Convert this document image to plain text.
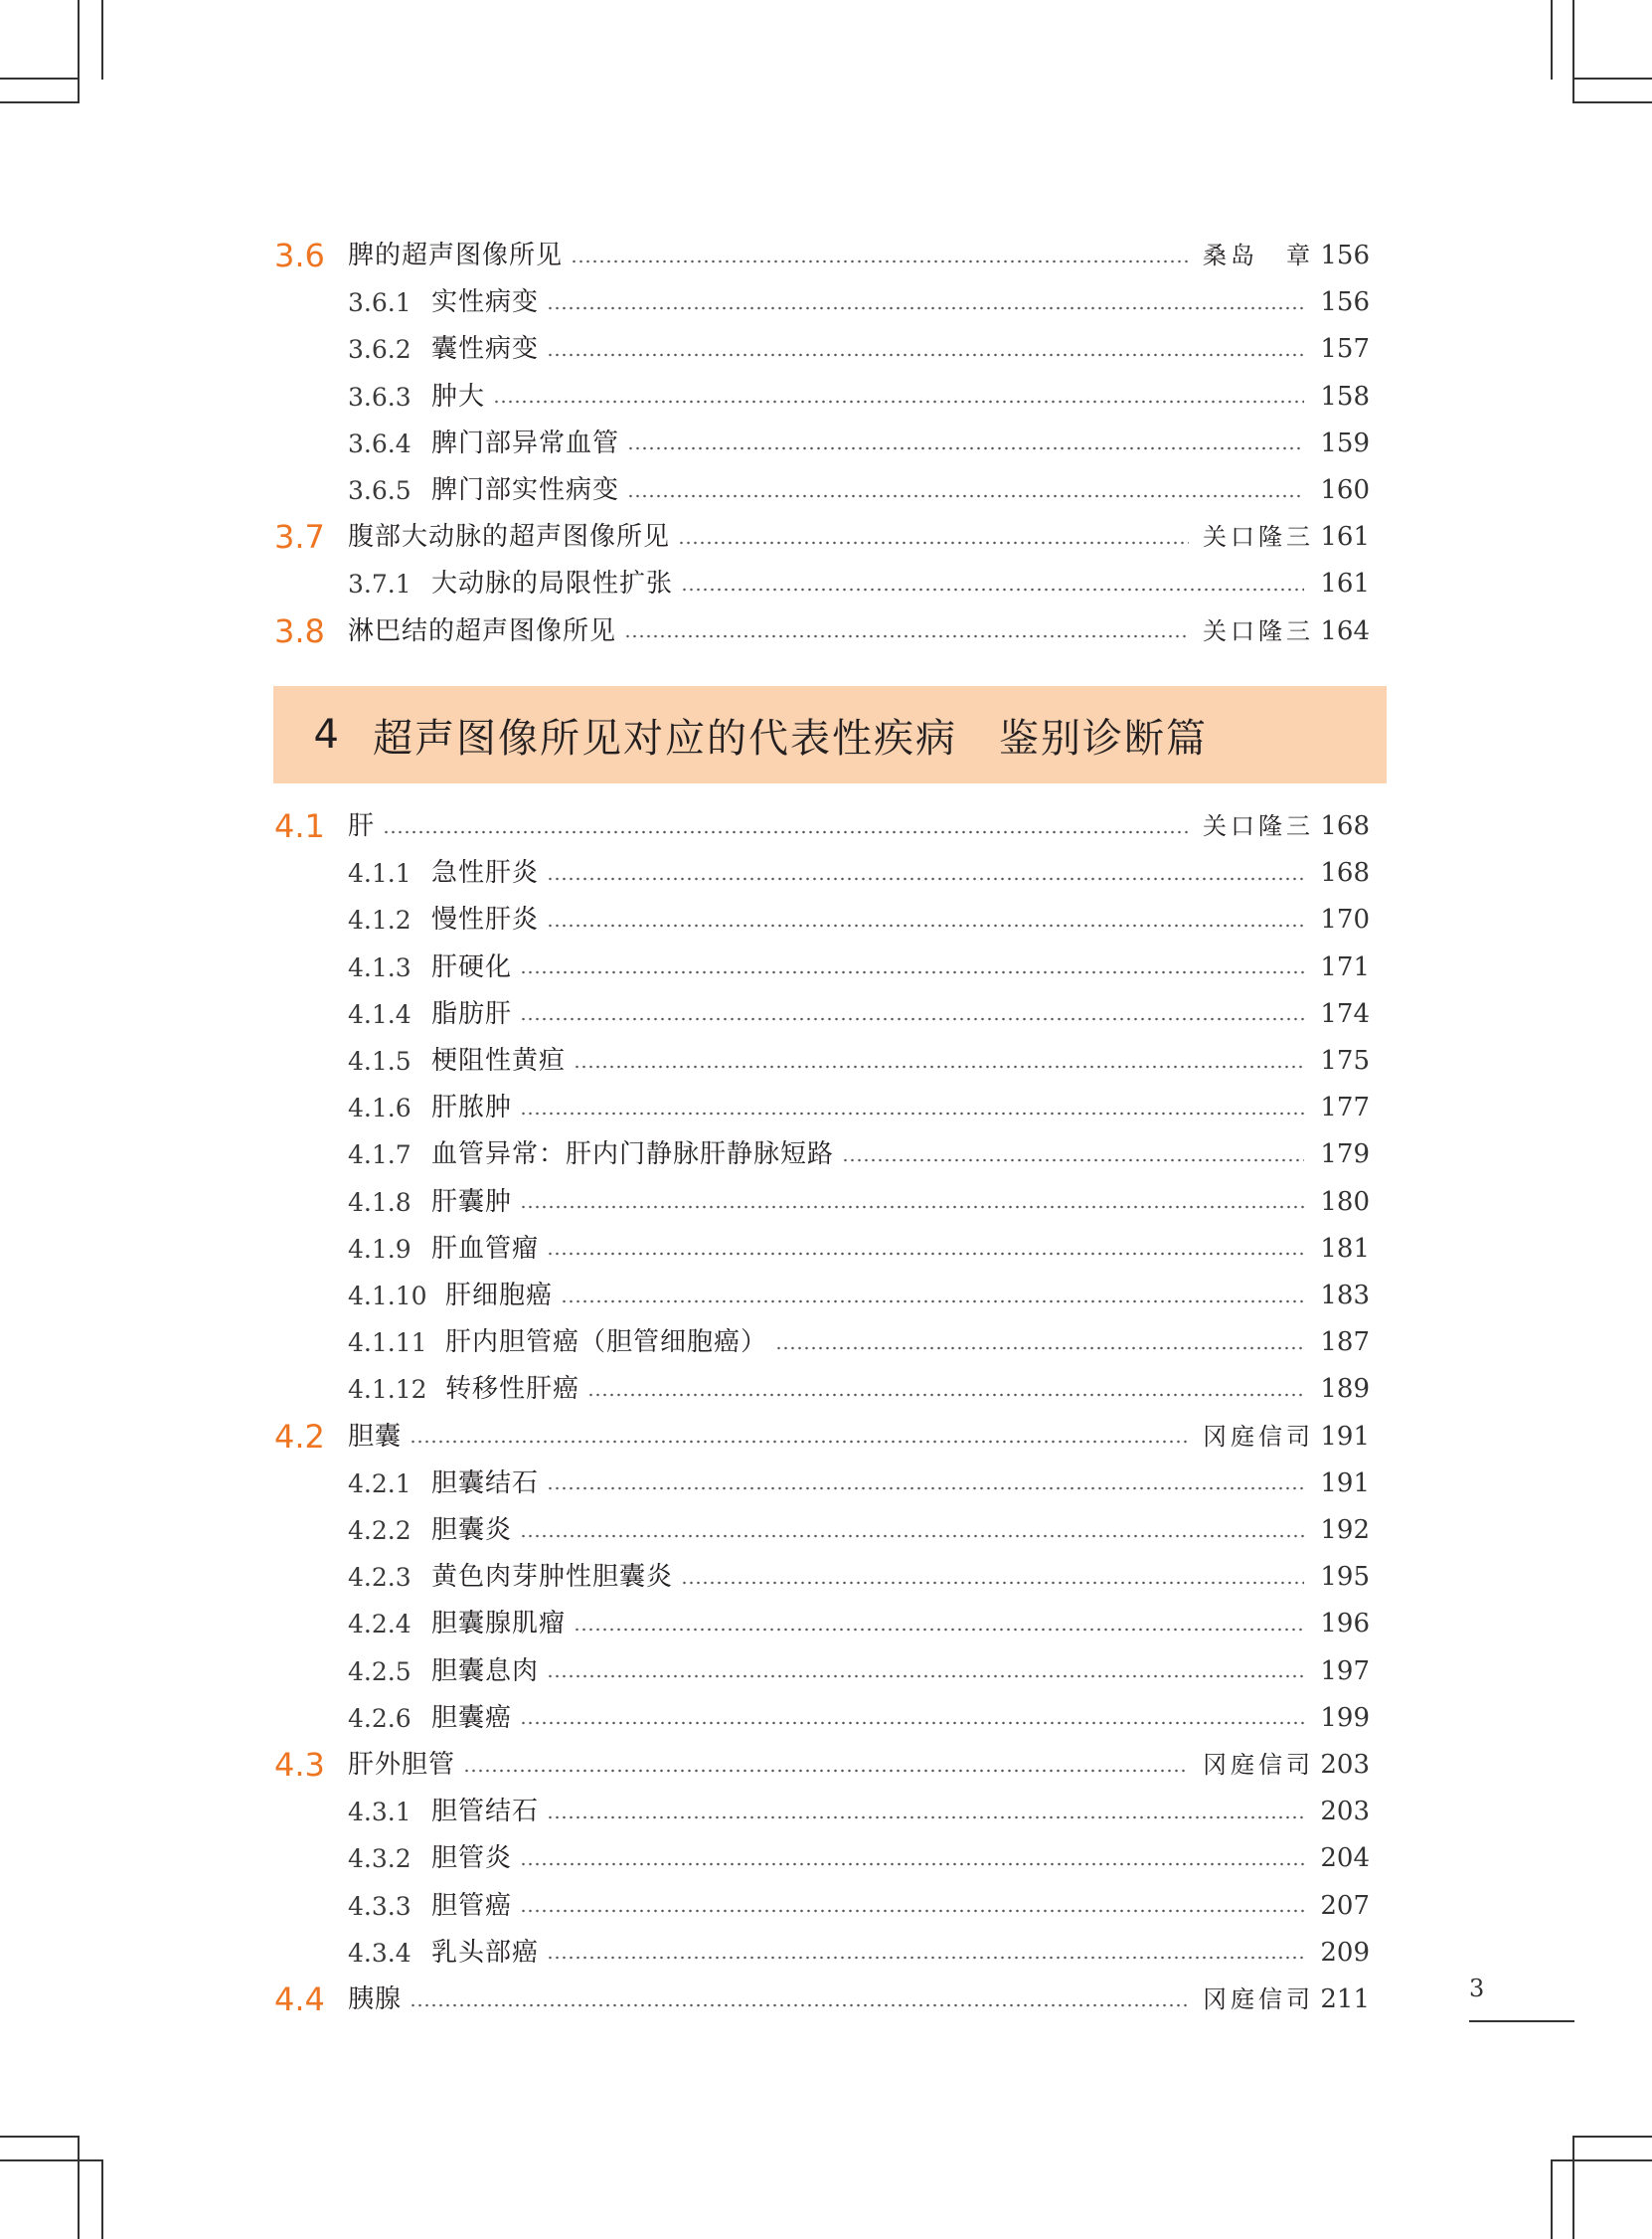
3.6 脾的超声图像所见	桑岛　章 156
3.6.1 实性病变	156
3.6.2 囊性病变	157
3.6.3 肿大	158
3.6.4 脾门部异常血管	159
3.6.5 脾门部实性病变	160
3.7 腹部大动脉的超声图像所见	关口隆三 161
3.7.1 大动脉的局限性扩张	161
3.8 淋巴结的超声图像所见	关口隆三 164
4.1 肝	关口隆三 168
4.1.1 急性肝炎	168
4.1.2 慢性肝炎	170
4.1.3 肝硬化	171
4.1.4 脂肪肝	174
4.1.5 梗阻性黄疸	175
4.1.6 肝脓肿	177
4.1.7 血管异常：肝内门静脉肝静脉短路	179
4.1.8 肝囊肿	180
4.1.9 肝血管瘤	181
4.1.10 肝细胞癌	183
4.1.11 肝内胆管癌（胆管细胞癌）	187
4.1.12 转移性肝癌	189
4.2 胆囊	冈庭信司 191
4.2.1 胆囊结石	191
4.2.2 胆囊炎	192
4.2.3 黄色肉芽肿性胆囊炎	195
4.2.4 胆囊腺肌瘤	196
4.2.5 胆囊息肉	197
4.2.6 胆囊癌	199
4.3 肝外胆管	冈庭信司 203
4.3.1 胆管结石	203
4.3.2 胆管炎	204
4.3.3 胆管癌	207
4.3.4 乳头部癌	209
4.4 胰腺	冈庭信司 211
4 超声图像所见对应的代表性疾病　鉴别诊断篇
3
